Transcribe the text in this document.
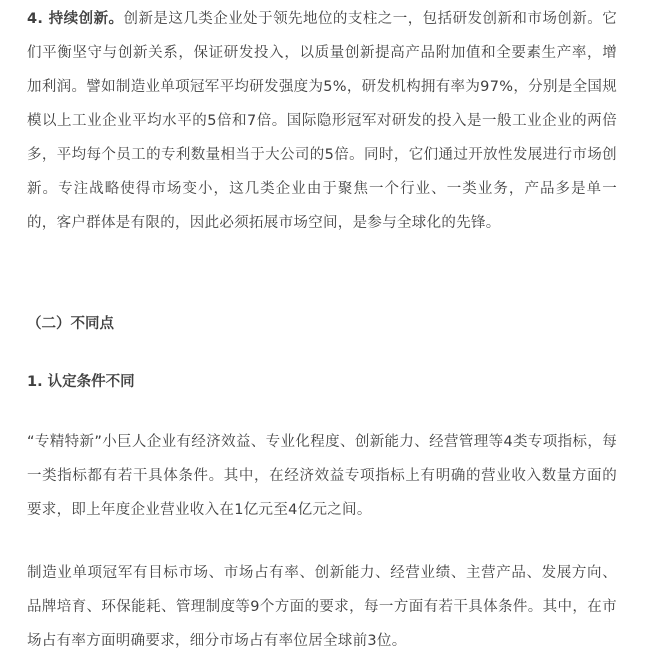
4. 持续创新。创新是这几类企业处于领先地位的支柱之一，包括研发创新和市场创新。它们平衡坚守与创新关系，保证研发投入，以质量创新提高产品附加值和全要素生产率，增加利润。譬如制造业单项冠军平均研发强度为5%，研发机构拥有率为97%，分别是全国规模以上工业企业平均水平的5倍和7倍。国际隐形冠军对研发的投入是一般工业企业的两倍多，平均每个员工的专利数量相当于大公司的5倍。同时，它们通过开放性发展进行市场创新。专注战略使得市场变小，这几类企业由于聚焦一个行业、一类业务，产品多是单一的，客户群体是有限的，因此必须拓展市场空间，是参与全球化的先锋。

（二）不同点
1. 认定条件不同

“专精特新”小巨人企业有经济效益、专业化程度、创新能力、经营管理等4类专项指标，每一类指标都有若干具体条件。其中，在经济效益专项指标上有明确的营业收入数量方面的要求，即上年度企业营业收入在1亿元至4亿元之间。

制造业单项冠军有目标市场、市场占有率、创新能力、经营业绩、主营产品、发展方向、品牌培育、环保能耗、管理制度等9个方面的要求，每一方面有若干具体条件。其中，在市场占有率方面明确要求，细分市场占有率位居全球前3位。
